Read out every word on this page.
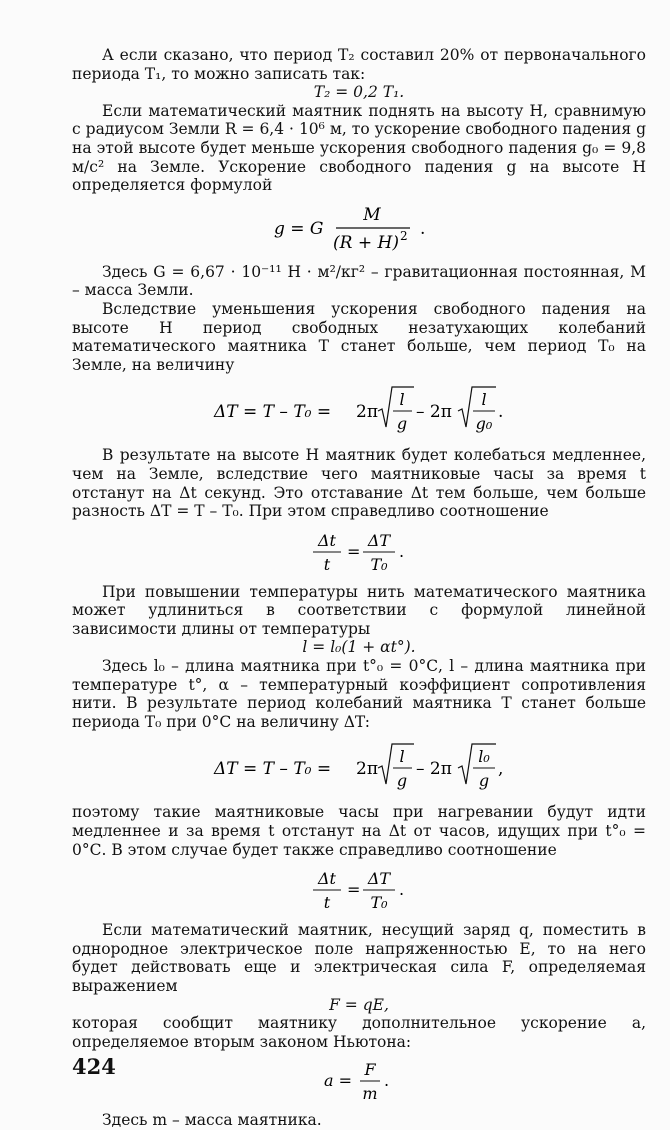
А если сказано, что период T₂ составил 20% от первоначального периода T₁, то можно записать так:

T₂ = 0,2 T₁.

Если математический маятник поднять на высоту H, сравнимую с радиусом Земли R = 6,4 · 10⁶ м, то ускорение свободного падения g на этой высоте будет меньше ускорения свободного падения g₀ = 9,8 м/с² на Земле. Ускорение свободного падения g на высоте H определяется формулой

g = G
M
(R + H) 2 .

Здесь G = 6,67 · 10⁻¹¹ Н · м²/кг² – гравитационная постоянная, M – масса Земли.

Вследствие уменьшения ускорения свободного падения на высоте H период свободных незатухающих колебаний математического маятника T станет больше, чем период T₀ на Земле, на величину

ΔT = T – T₀ = 2π
l
g
– 2π
l
g₀
.

В результате на высоте H маятник будет колебаться медленнее, чем на Земле, вследствие чего маятниковые часы за время t отстанут на Δt секунд. Это отставание Δt тем больше, чем больше разность ΔT = T – T₀. При этом справедливо соотношение

Δt
t
=
ΔT
T₀
.

При повышении температуры нить математического маятника может удлиниться в соответствии с формулой линейной зависимости длины от температуры

l = l₀(1 + αt°).

Здесь l₀ – длина маятника при t°₀ = 0°С, l – длина маятника при температуре t°, α – температурный коэффициент сопротивления нити. В результате период колебаний маятника T станет больше периода T₀ при 0°С на величину ΔT:

ΔT = T – T₀ = 2π
l
g
– 2π
l₀
g
,

поэтому такие маятниковые часы при нагревании будут идти медленнее и за время t отстанут на Δt от часов, идущих при t°₀ = 0°С. В этом случае будет также справедливо соотношение

Δt
t
=
ΔT
T₀
.

Если математический маятник, несущий заряд q, поместить в однородное электрическое поле напряженностью E, то на него будет действовать еще и электрическая сила F, определяемая выражением

F = qE,

которая сообщит маятнику дополнительное ускорение a, определяемое вторым законом Ньютона:

a =
F
m
.

Здесь m – масса маятника.

424
